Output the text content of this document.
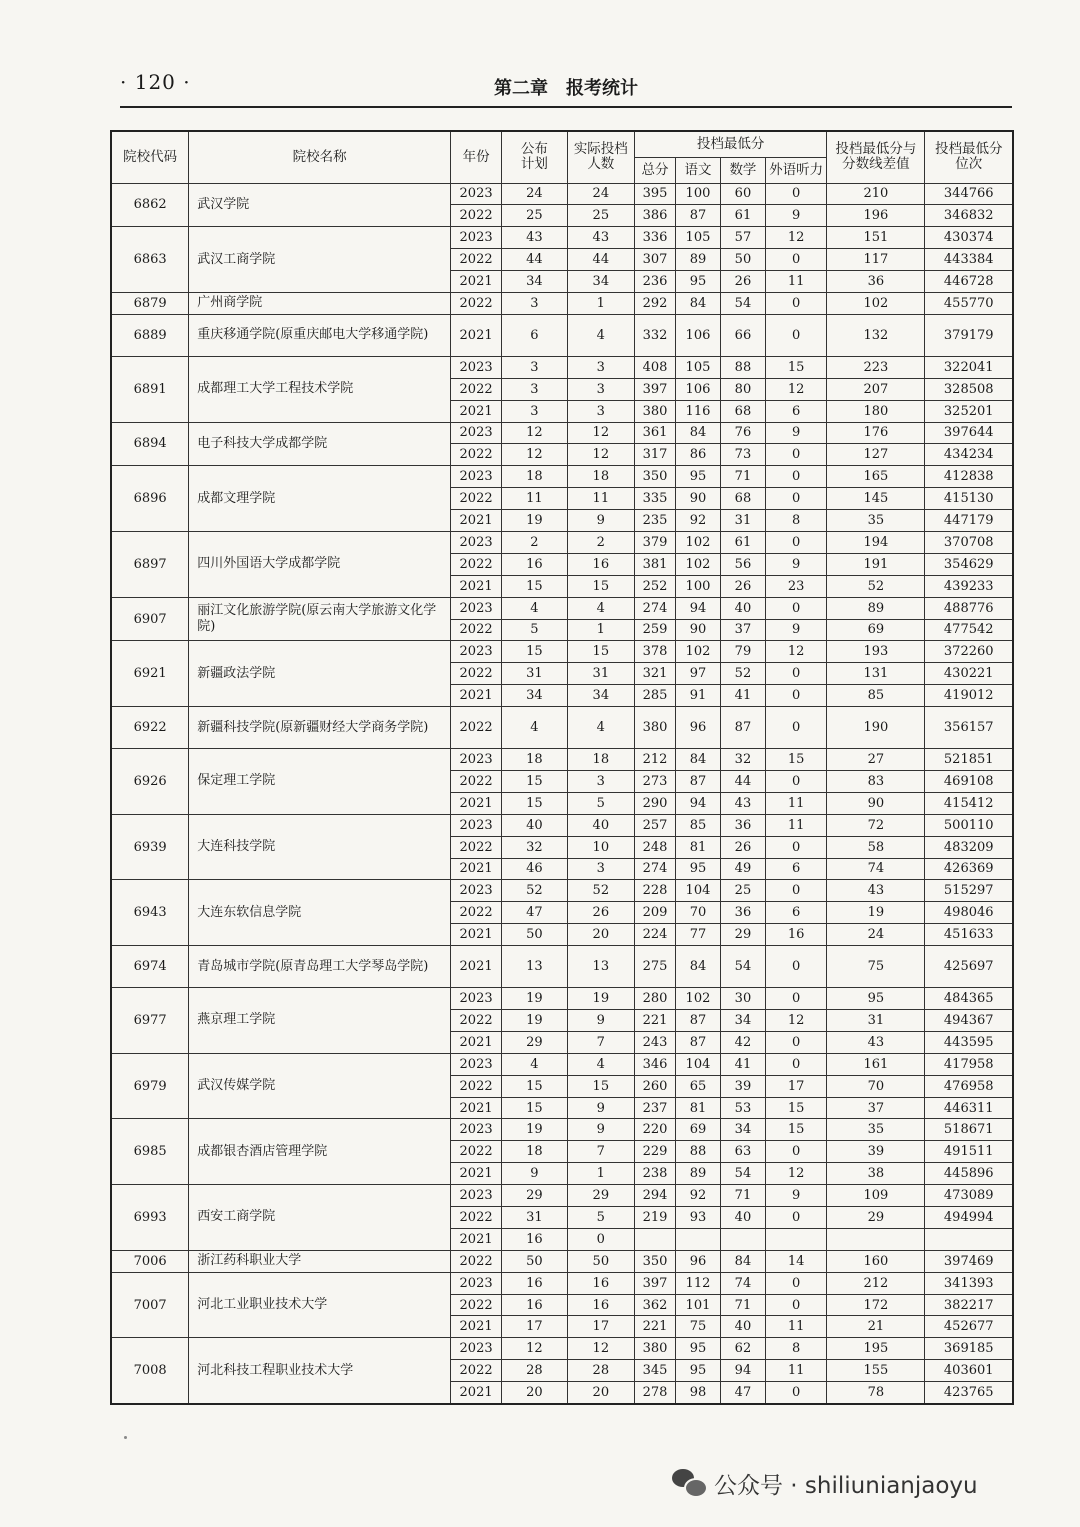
· 120 ·	第二章　报考统计
院校代码	院校名称	年份	公布计划	实际投档人数	投档最低分				投档最低分与分数线差值	投档最低分位次
					总分	语文	数学	外语听力		
6862	武汉学院	2023	24	24	395	100	60	0	210	344766
		2022	25	25	386	87	61	9	196	346832
6863	武汉工商学院	2023	43	43	336	105	57	12	151	430374
		2022	44	44	307	89	50	0	117	443384
		2021	34	34	236	95	26	11	36	446728
6879	广州商学院	2022	3	1	292	84	54	0	102	455770
6889	重庆移通学院(原重庆邮电大学移通学院)	2021	6	4	332	106	66	0	132	379179
6891	成都理工大学工程技术学院	2023	3	3	408	105	88	15	223	322041
		2022	3	3	397	106	80	12	207	328508
		2021	3	3	380	116	68	6	180	325201
6894	电子科技大学成都学院	2023	12	12	361	84	76	9	176	397644
		2022	12	12	317	86	73	0	127	434234
6896	成都文理学院	2023	18	18	350	95	71	0	165	412838
		2022	11	11	335	90	68	0	145	415130
		2021	19	9	235	92	31	8	35	447179
6897	四川外国语大学成都学院	2023	2	2	379	102	61	0	194	370708
		2022	16	16	381	102	56	9	191	354629
		2021	15	15	252	100	26	23	52	439233
6907	丽江文化旅游学院(原云南大学旅游文化学院)	2023	4	4	274	94	40	0	89	488776
		2022	5	1	259	90	37	9	69	477542
6921	新疆政法学院	2023	15	15	378	102	79	12	193	372260
		2022	31	31	321	97	52	0	131	430221
		2021	34	34	285	91	41	0	85	419012
6922	新疆科技学院(原新疆财经大学商务学院)	2022	4	4	380	96	87	0	190	356157
6926	保定理工学院	2023	18	18	212	84	32	15	27	521851
		2022	15	3	273	87	44	0	83	469108
		2021	15	5	290	94	43	11	90	415412
6939	大连科技学院	2023	40	40	257	85	36	11	72	500110
		2022	32	10	248	81	26	0	58	483209
		2021	46	3	274	95	49	6	74	426369
6943	大连东软信息学院	2023	52	52	228	104	25	0	43	515297
		2022	47	26	209	70	36	6	19	498046
		2021	50	20	224	77	29	16	24	451633
6974	青岛城市学院(原青岛理工大学琴岛学院)	2021	13	13	275	84	54	0	75	425697
6977	燕京理工学院	2023	19	19	280	102	30	0	95	484365
		2022	19	9	221	87	34	12	31	494367
		2021	29	7	243	87	42	0	43	443595
6979	武汉传媒学院	2023	4	4	346	104	41	0	161	417958
		2022	15	15	260	65	39	17	70	476958
		2021	15	9	237	81	53	15	37	446311
6985	成都银杏酒店管理学院	2023	19	9	220	69	34	15	35	518671
		2022	18	7	229	88	63	0	39	491511
		2021	9	1	238	89	54	12	38	445896
6993	西安工商学院	2023	29	29	294	92	71	9	109	473089
		2022	31	5	219	93	40	0	29	494994
		2021	16	0						
7006	浙江药科职业大学	2022	50	50	350	96	84	14	160	397469
7007	河北工业职业技术大学	2023	16	16	397	112	74	0	212	341393
		2022	16	16	362	101	71	0	172	382217
		2021	17	17	221	75	40	11	21	452677
7008	河北科技工程职业技术大学	2023	12	12	380	95	62	8	195	369185
		2022	28	28	345	95	94	11	155	403601
		2021	20	20	278	98	47	0	78	423765
公众号 · shiliunianjaoyu
